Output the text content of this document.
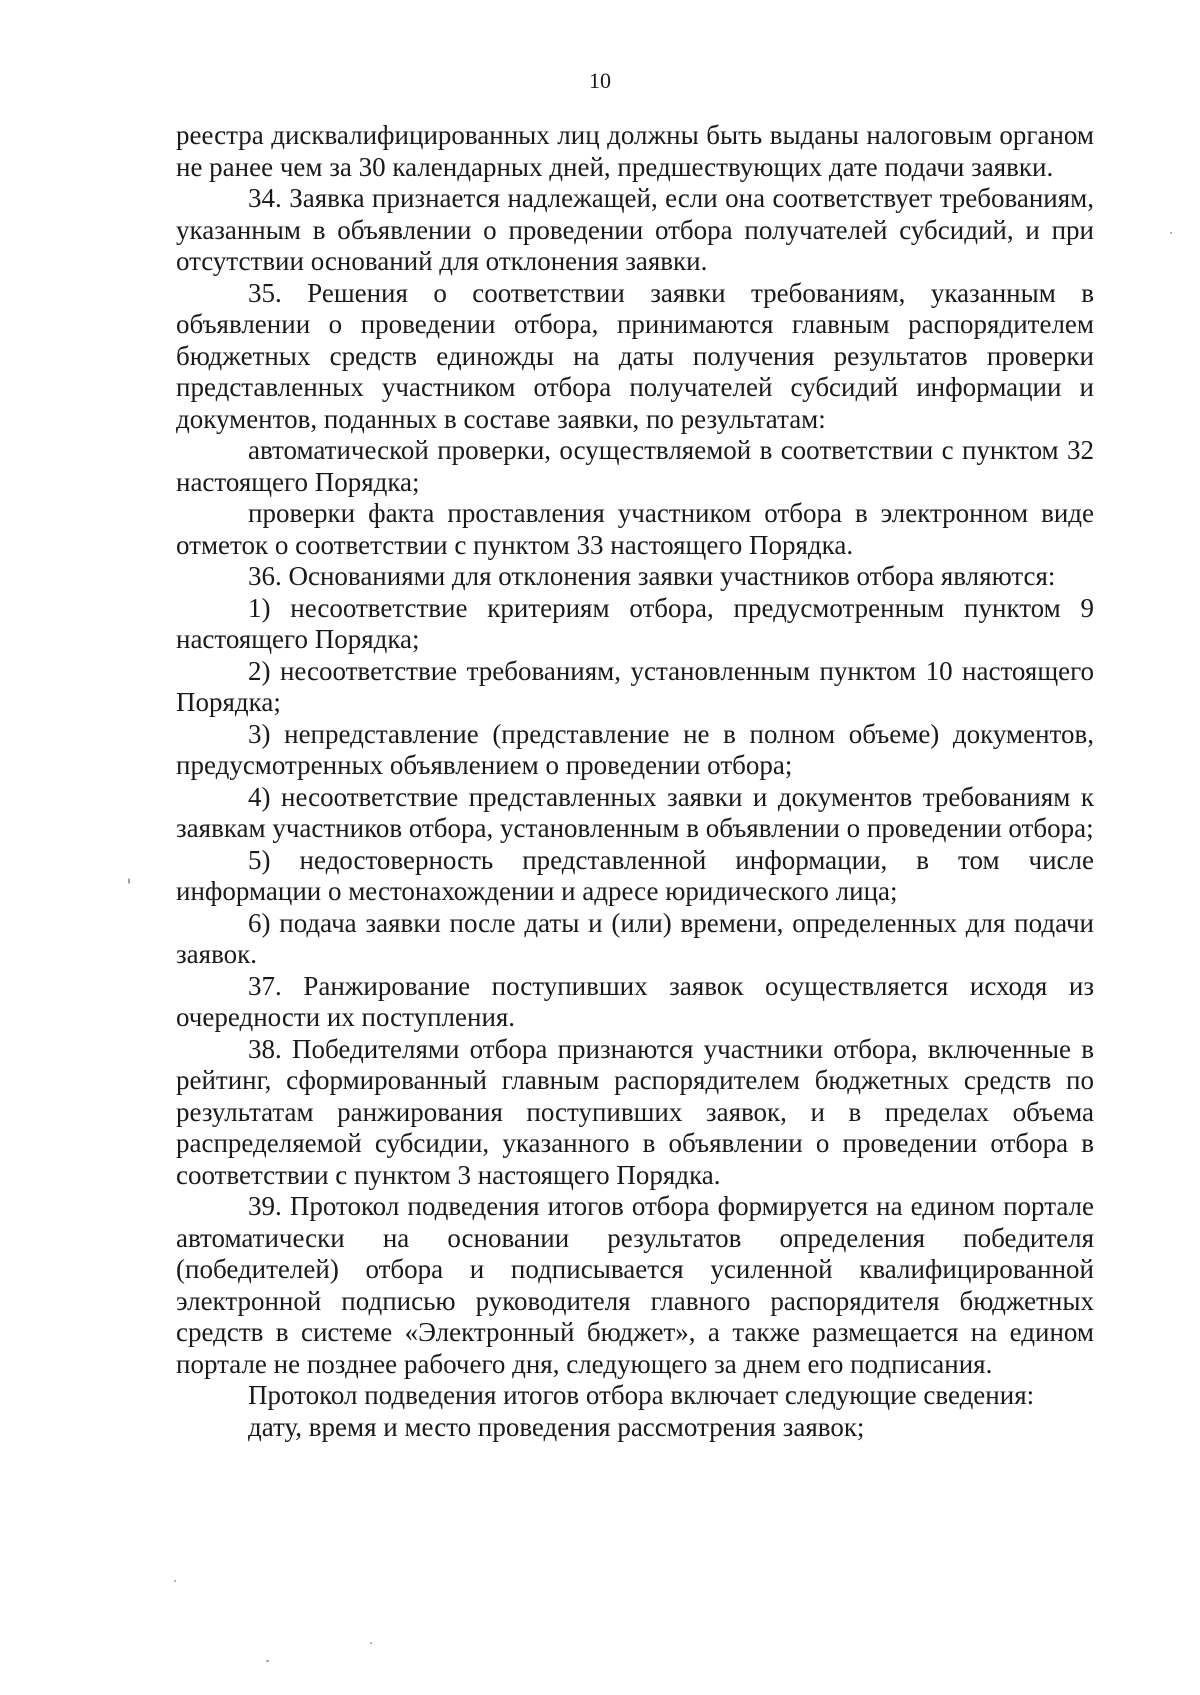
10

реестра дисквалифицированных лиц должны быть выданы налоговым органом не ранее чем за 30 календарных дней, предшествующих дате подачи заявки.

34. Заявка признается надлежащей, если она соответствует требованиям, указанным в объявлении о проведении отбора получателей субсидий, и при отсутствии оснований для отклонения заявки.

35. Решения о соответствии заявки требованиям, указанным в объявлении о проведении отбора, принимаются главным распорядителем бюджетных средств единожды на даты получения результатов проверки представленных участником отбора получателей субсидий информации и документов, поданных в составе заявки, по результатам:

автоматической проверки, осуществляемой в соответствии с пунктом 32 настоящего Порядка;

проверки факта проставления участником отбора в электронном виде отметок о соответствии с пунктом 33 настоящего Порядка.

36. Основаниями для отклонения заявки участников отбора являются:

1) несоответствие критериям отбора, предусмотренным пунктом 9 настоящего Порядка;

2) несоответствие требованиям, установленным пунктом 10 настоящего Порядка;

3) непредставление (представление не в полном объеме) документов, предусмотренных объявлением о проведении отбора;

4) несоответствие представленных заявки и документов требованиям к заявкам участников отбора, установленным в объявлении о проведении отбора;

5) недостоверность представленной информации, в том числе информации о местонахождении и адресе юридического лица;

6) подача заявки после даты и (или) времени, определенных для подачи заявок.

37. Ранжирование поступивших заявок осуществляется исходя из очередности их поступления.

38. Победителями отбора признаются участники отбора, включенные в рейтинг, сформированный главным распорядителем бюджетных средств по результатам ранжирования поступивших заявок, и в пределах объема распределяемой субсидии, указанного в объявлении о проведении отбора в соответствии с пунктом 3 настоящего Порядка.

39. Протокол подведения итогов отбора формируется на едином портале автоматически на основании результатов определения победителя (победителей) отбора и подписывается усиленной квалифицированной электронной подписью руководителя главного распорядителя бюджетных средств в системе «Электронный бюджет», а также размещается на едином портале не позднее рабочего дня, следующего за днем его подписания.

Протокол подведения итогов отбора включает следующие сведения:

дату, время и место проведения рассмотрения заявок;
